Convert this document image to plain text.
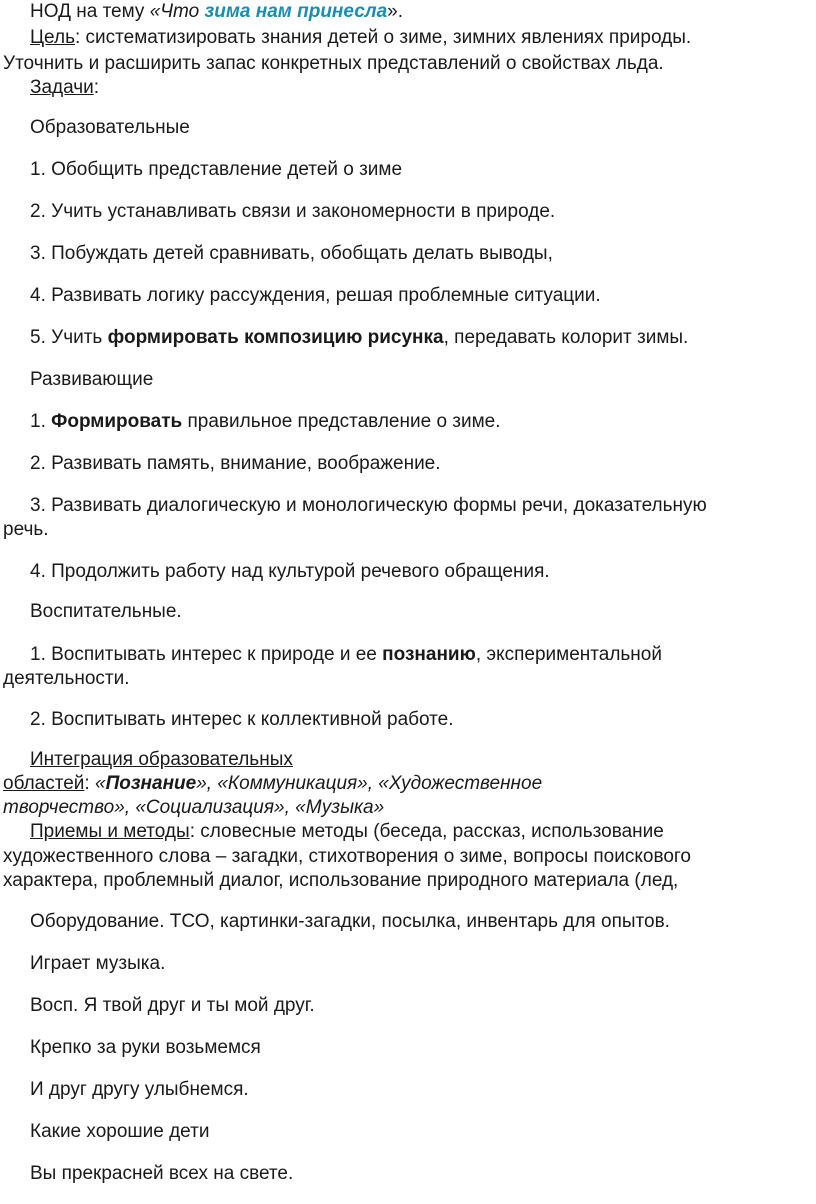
НОД на тему «Что зима нам принесла».
Цель: систематизировать знания детей о зиме, зимних явлениях природы.
Уточнить и расширить запас конкретных представлений о свойствах льда.
Задачи:
Образовательные
1. Обобщить представление детей о зиме
2. Учить устанавливать связи и закономерности в природе.
3. Побуждать детей сравнивать, обобщать делать выводы,
4. Развивать логику рассуждения, решая проблемные ситуации.
5. Учить формировать композицию рисунка, передавать колорит зимы.
Развивающие
1. Формировать правильное представление о зиме.
2. Развивать память, внимание, воображение.
3. Развивать диалогическую и монологическую формы речи, доказательную
речь.
4. Продолжить работу над культурой речевого обращения.
Воспитательные.
1. Воспитывать интерес к природе и ее познанию, экспериментальной
деятельности.
2. Воспитывать интерес к коллективной работе.
Интеграция образовательных
областей: «Познание», «Коммуникация», «Художественное
творчество», «Социализация», «Музыка»
Приемы и методы: словесные методы (беседа, рассказ, использование
художественного слова – загадки, стихотворения о зиме, вопросы поискового
характера, проблемный диалог, использование природного материала (лед,
Оборудование. ТСО, картинки-загадки, посылка, инвентарь для опытов.
Играет музыка.
Восп. Я твой друг и ты мой друг.
Крепко за руки возьмемся
И друг другу улыбнемся.
Какие хорошие дети
Вы прекрасней всех на свете.
